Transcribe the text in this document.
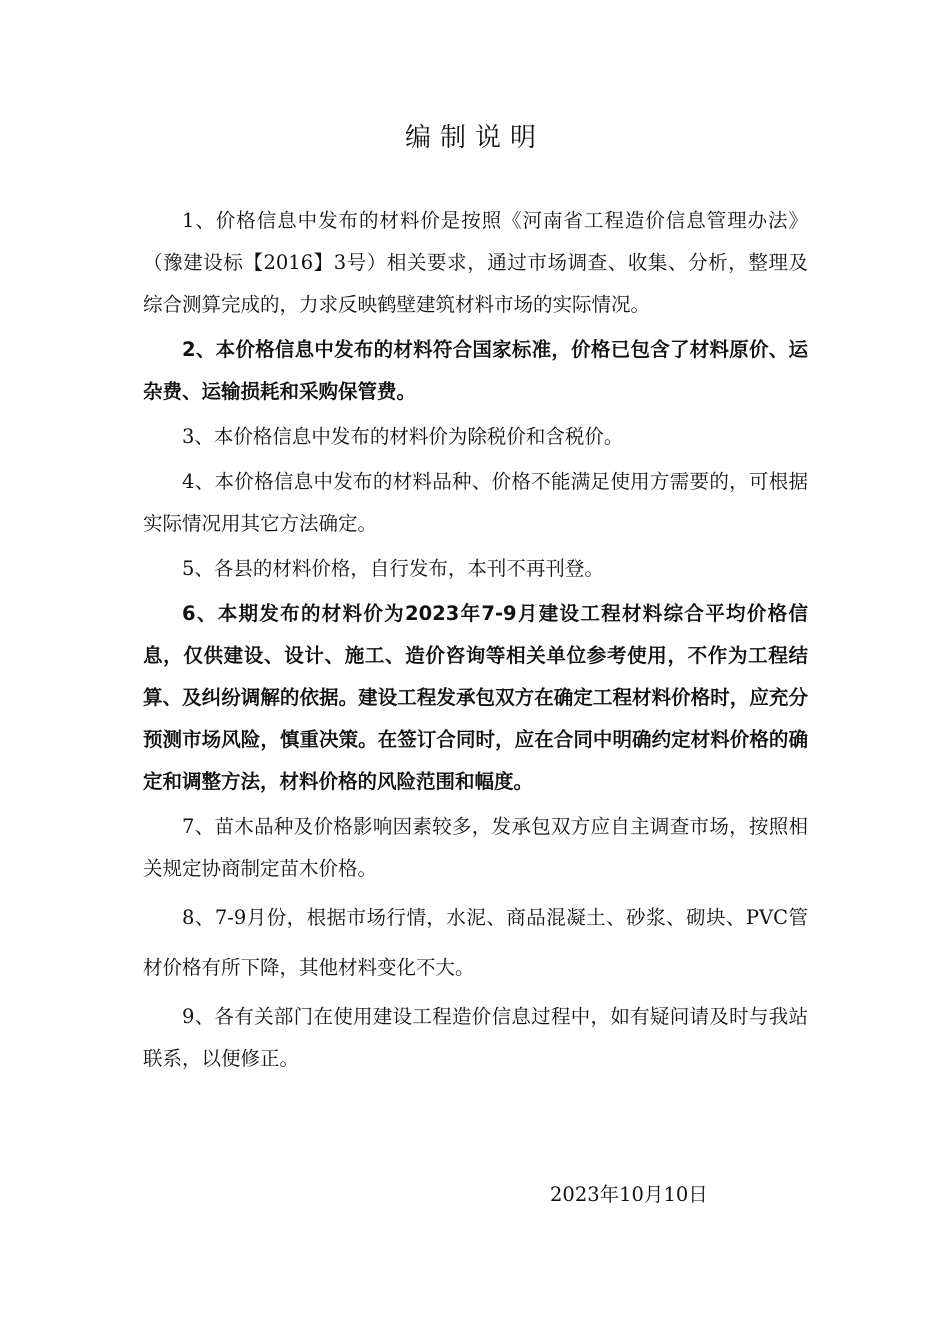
编制说明

1、价格信息中发布的材料价是按照《河南省工程造价信息管理办法》（豫建设标【2016】3号）相关要求，通过市场调查、收集、分析，整理及综合测算完成的，力求反映鹤壁建筑材料市场的实际情况。

2、本价格信息中发布的材料符合国家标准，价格已包含了材料原价、运杂费、运输损耗和采购保管费。

3、本价格信息中发布的材料价为除税价和含税价。

4、本价格信息中发布的材料品种、价格不能满足使用方需要的，可根据实际情况用其它方法确定。

5、各县的材料价格，自行发布，本刊不再刊登。

6、本期发布的材料价为2023年7-9月建设工程材料综合平均价格信息，仅供建设、设计、施工、造价咨询等相关单位参考使用，不作为工程结算、及纠纷调解的依据。建设工程发承包双方在确定工程材料价格时，应充分预测市场风险，慎重决策。在签订合同时，应在合同中明确约定材料价格的确定和调整方法，材料价格的风险范围和幅度。

7、苗木品种及价格影响因素较多，发承包双方应自主调查市场，按照相关规定协商制定苗木价格。

8、7-9月份，根据市场行情，水泥、商品混凝土、砂浆、砌块、PVC管材价格有所下降，其他材料变化不大。

9、各有关部门在使用建设工程造价信息过程中，如有疑问请及时与我站联系，以便修正。

2023年10月10日
